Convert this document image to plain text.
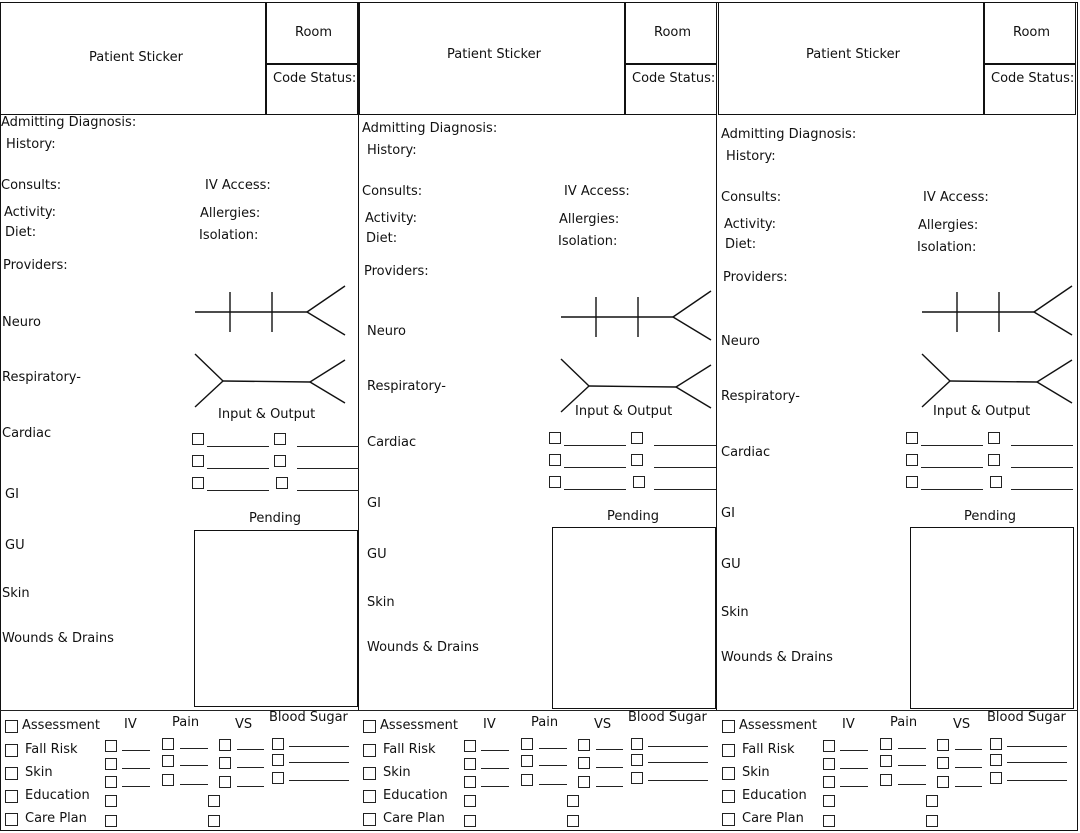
Patient Sticker
Room
Code Status:
Admitting Diagnosis:
History:
Consults:
Activity:
Diet:
Providers:
IV Access:
Allergies:
Isolation:
Neuro
Respiratory-
Cardiac
GI
GU
Skin
Wounds & Drains
Input & Output
Pending
Assessment
Fall Risk
Skin
Education
Care Plan
IV	Pain	VS Blood Sugar
Patient Sticker
Room
Code Status:
Admitting Diagnosis:
History:
Consults:
Activity:
Diet:
Providers:
IV Access:
Allergies:
Isolation:
Neuro
Respiratory-
Cardiac
GI
GU
Skin
Wounds & Drains
Input & Output
Pending
Assessment
Fall Risk
Skin
Education
Care Plan
IV	Pain	VS Blood Sugar
Patient Sticker
Room
Code Status:
Admitting Diagnosis:
History:
Consults:
Activity:
Diet:
Providers:
IV Access:
Allergies:
Isolation:
Neuro
Respiratory-
Cardiac
GI
GU
Skin
Wounds & Drains
Input & Output
Pending
Assessment
Fall Risk
Skin
Education
Care Plan
IV	Pain	VS Blood Sugar
